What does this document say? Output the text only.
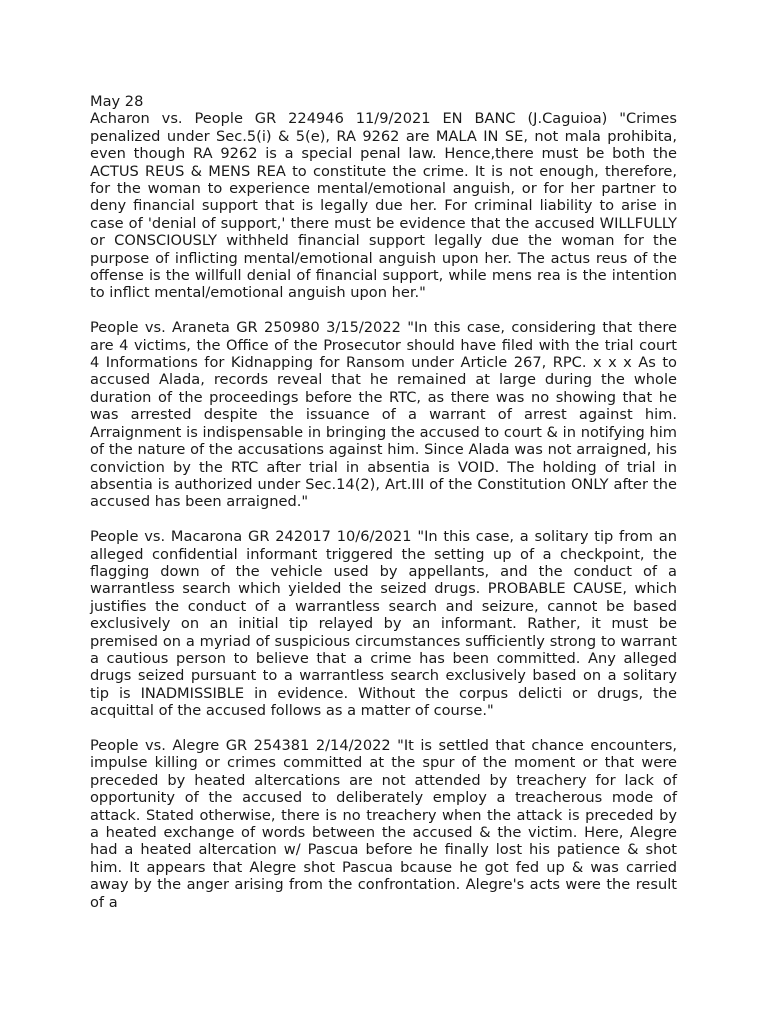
May 28

Acharon vs. People GR 224946 11/9/2021 EN BANC (J.Caguioa) "Crimes penalized under Sec.5(i) & 5(e), RA 9262 are MALA IN SE, not mala prohibita, even though RA 9262 is a special penal law. Hence,there must be both the ACTUS REUS & MENS REA to constitute the crime. It is not enough, therefore, for the woman to experience mental/emotional anguish, or for her partner to deny financial support that is legally due her. For criminal liability to arise in case of 'denial of support,' there must be evidence that the accused WILLFULLY or CONSCIOUSLY withheld financial support legally due the woman for the purpose of inflicting mental/emotional anguish upon her. The actus reus of the offense is the willfull denial of financial support, while mens rea is the intention to inflict mental/emotional anguish upon her."

People vs. Araneta GR 250980 3/15/2022 "In this case, considering that there are 4 victims, the Office of the Prosecutor should have filed with the trial court 4 Informations for Kidnapping for Ransom under Article 267, RPC. x x x As to accused Alada, records reveal that he remained at large during the whole duration of the proceedings before the RTC, as there was no showing that he was arrested despite the issuance of a warrant of arrest against him. Arraignment is indispensable in bringing the accused to court & in notifying him of the nature of the accusations against him. Since Alada was not arraigned, his conviction by the RTC after trial in absentia is VOID. The holding of trial in absentia is authorized under Sec.14(2), Art.III of the Constitution ONLY after the accused has been arraigned."

People vs. Macarona GR 242017 10/6/2021 "In this case, a solitary tip from an alleged confidential informant triggered the setting up of a checkpoint, the flagging down of the vehicle used by appellants, and the conduct of a warrantless search which yielded the seized drugs. PROBABLE CAUSE, which justifies the conduct of a warrantless search and seizure, cannot be based exclusively on an initial tip relayed by an informant. Rather, it must be premised on a myriad of suspicious circumstances sufficiently strong to warrant a cautious person to believe that a crime has been committed. Any alleged drugs seized pursuant to a warrantless search exclusively based on a solitary tip is INADMISSIBLE in evidence. Without the corpus delicti or drugs, the acquittal of the accused follows as a matter of course."

People vs. Alegre GR 254381 2/14/2022 "It is settled that chance encounters, impulse killing or crimes committed at the spur of the moment or that were preceded by heated altercations are not attended by treachery for lack of opportunity of the accused to deliberately employ a treacherous mode of attack. Stated otherwise, there is no treachery when the attack is preceded by a heated exchange of words between the accused & the victim. Here, Alegre had a heated altercation w/ Pascua before he finally lost his patience & shot him. It appears that Alegre shot Pascua bcause he got fed up & was carried away by the anger arising from the confrontation. Alegre's acts were the result of a
